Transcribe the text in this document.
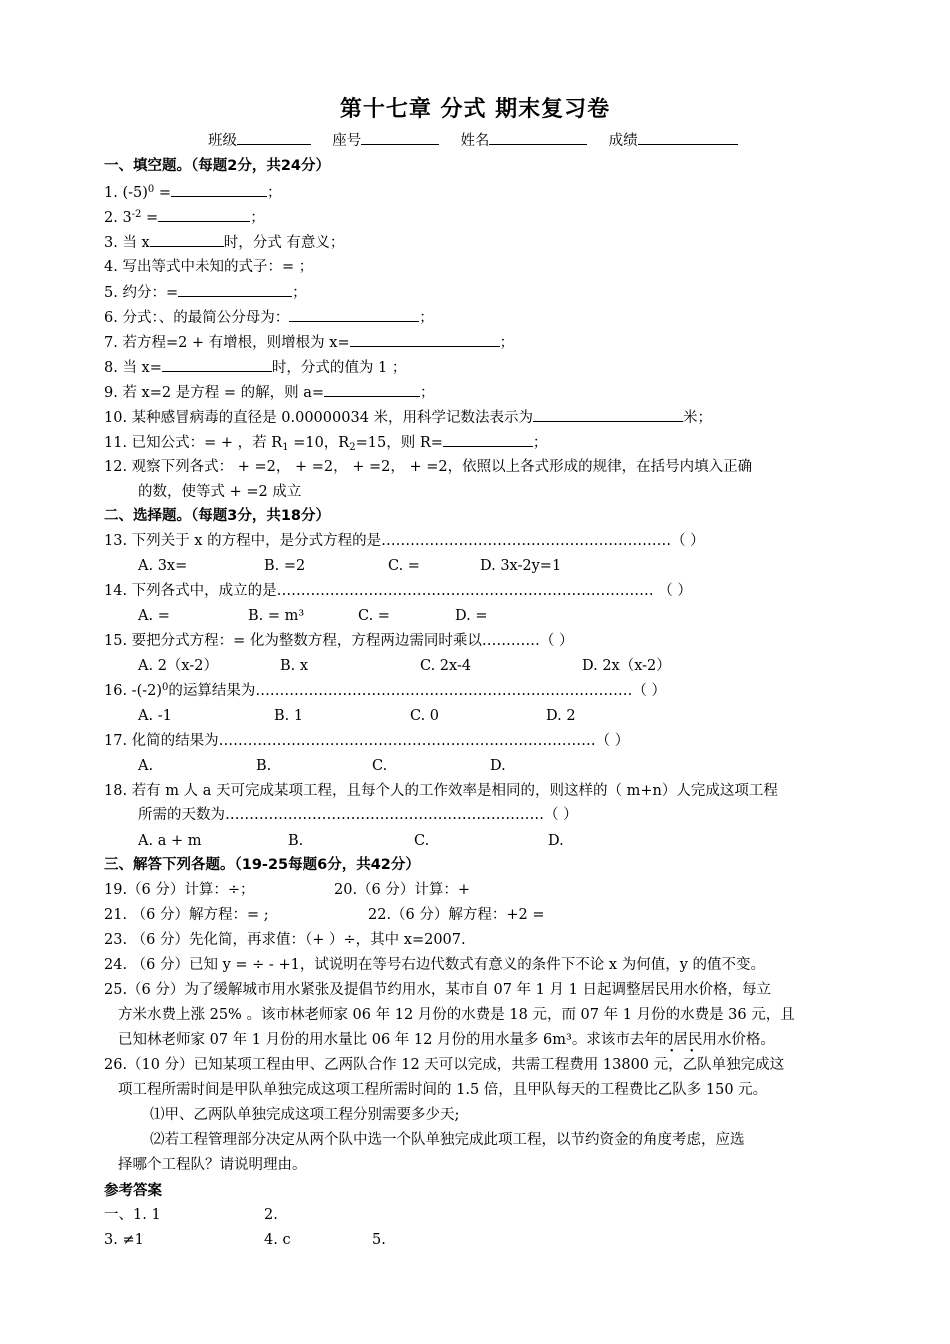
第十七章 分式 期末复习卷
班级	座号	姓名	成绩
一、填空题。（每题2分，共24分）
1. $(-5)^0$ =	；
2. $3^{-2}$ =	；
3. 当 x	时，分式 有意义；
4. 写出等式中未知的式子：= ；
5. 约分：=	；
6. 分式：、的最简公分母为：	；
7. 若方程=2 + 有增根，则增根为 x=	；
8. 当 x=	时，分式的值为 1 ；
9. 若 x=2 是方程 = 的解，则 a=	；
10. 某种感冒病毒的直径是 0.00000034 米，用科学记数法表示为	米；
11. 已知公式：= + ，若 $R_1 =10$，$R_2=15$，则 R=	；
12. 观察下列各式： + =2， + =2， + =2， + =2，依照以上各式形成的规律，在括号内填入正确
的数，使等式 + =2 成立
二、选择题。（每题3分，共18分）
13. 下列关于 x 的方程中，是分式方程的是……………………………………………………（ ）
A. 3x=	B. =2	C. =	D. 3x-2y=1
14. 下列各式中，成立的是…………………………………………………………………… （ ）
A. =	B. = m³	C. =	D. =
15. 要把分式方程：= 化为整数方程，方程两边需同时乘以…………（ ）
A. 2（x-2）	B. x	C. 2x-4	D. 2x（x-2）
16. $-(-2)^0$的运算结果为……………………………………………………………………（ ）
A. -1	B. 1	C. 0	D. 2
17. 化简的结果为……………………………………………………………………（ ）
A.	B.	C.	D.
18. 若有 m 人 a 天可完成某项工程，且每个人的工作效率是相同的，则这样的（ m+n）人完成这项工程
所需的天数为…………………………………………………………（ ）
A. a + m	B.	C.	D.
三、解答下列各题。（19-25每题6分，共42分）
19.（6 分）计算：÷；	20.（6 分）计算：+
21. （6 分）解方程：= ;	22.（6 分）解方程：+2 =
23. （6 分）先化简，再求值：（+ ）÷，其中 x=2007.
24. （6 分）已知 y = ÷ - +1，试说明在等号右边代数式有意义的条件下不论 x 为何值，y 的值不变。
25.（6 分）为了缓解城市用水紧张及提倡节约用水，某市自 07 年 1 月 1 日起调整居民用水价格，每立
方米水费上涨 25% 。该市林老师家 06 年 12 月份的水费是 18 元，而 07 年 1 月份的水费是 36 元，且
已知林老师家 07 年 1 月份的用水量比 06 年 12 月份的用水量多 6m³。求该市去年的居民用水价格。
• •
26.（10 分）已知某项工程由甲、乙两队合作 12 天可以完成，共需工程费用 13800 元，乙队单独完成这
项工程所需时间是甲队单独完成这项工程所需时间的 1.5 倍，且甲队每天的工程费比乙队多 150 元。
⑴甲、乙两队单独完成这项工程分别需要多少天;
⑵若工程管理部分决定从两个队中选一个队单独完成此项工程，以节约资金的角度考虑，应选
择哪个工程队？请说明理由。
参考答案
一、1. 1	2.
3. ≠1	4. c	5.
